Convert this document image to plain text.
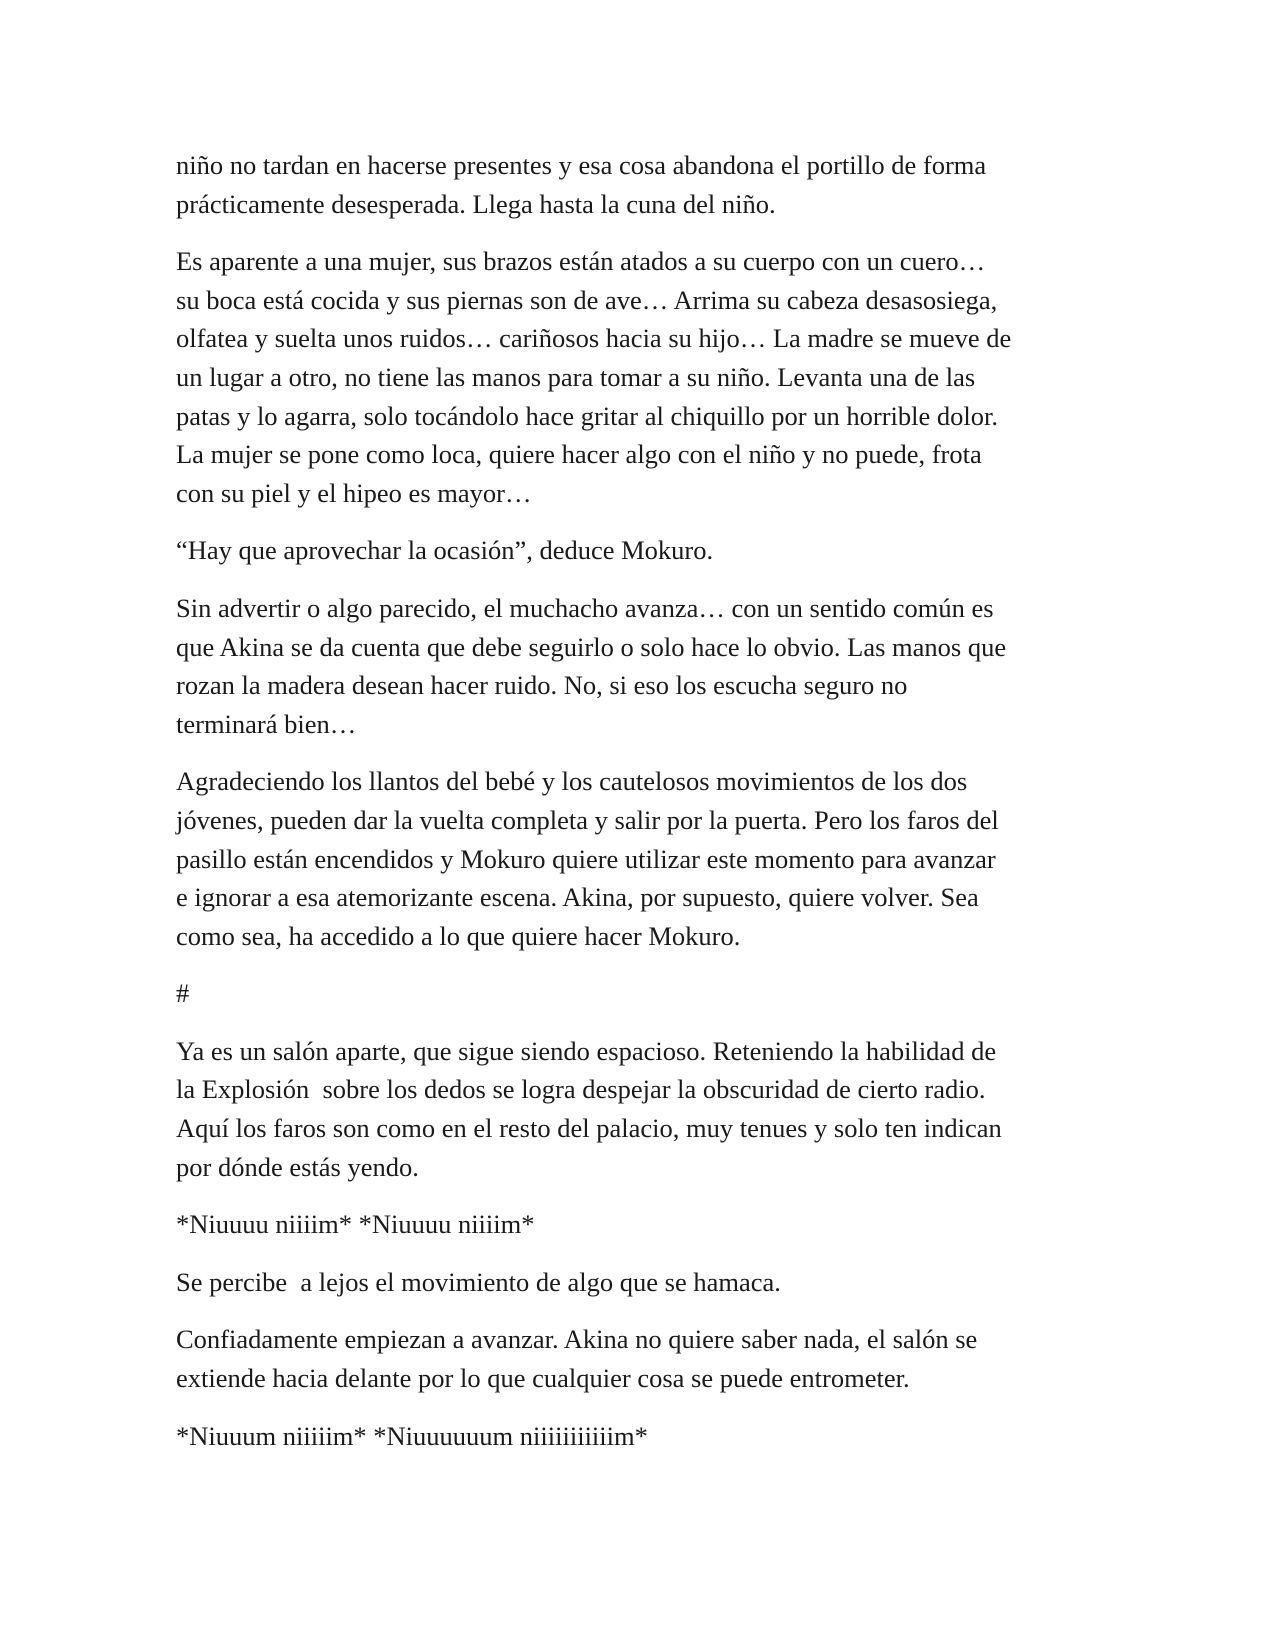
niño no tardan en hacerse presentes y esa cosa abandona el portillo de forma
prácticamente desesperada. Llega hasta la cuna del niño.

Es aparente a una mujer, sus brazos están atados a su cuerpo con un cuero…
su boca está cocida y sus piernas son de ave… Arrima su cabeza desasosiega,
olfatea y suelta unos ruidos… cariñosos hacia su hijo… La madre se mueve de
un lugar a otro, no tiene las manos para tomar a su niño. Levanta una de las
patas y lo agarra, solo tocándolo hace gritar al chiquillo por un horrible dolor.
La mujer se pone como loca, quiere hacer algo con el niño y no puede, frota
con su piel y el hipeo es mayor…

“Hay que aprovechar la ocasión”, deduce Mokuro.

Sin advertir o algo parecido, el muchacho avanza… con un sentido común es
que Akina se da cuenta que debe seguirlo o solo hace lo obvio. Las manos que
rozan la madera desean hacer ruido. No, si eso los escucha seguro no
terminará bien…

Agradeciendo los llantos del bebé y los cautelosos movimientos de los dos
jóvenes, pueden dar la vuelta completa y salir por la puerta. Pero los faros del
pasillo están encendidos y Mokuro quiere utilizar este momento para avanzar
e ignorar a esa atemorizante escena. Akina, por supuesto, quiere volver. Sea
como sea, ha accedido a lo que quiere hacer Mokuro.

#

Ya es un salón aparte, que sigue siendo espacioso. Reteniendo la habilidad de
la Explosión  sobre los dedos se logra despejar la obscuridad de cierto radio.
Aquí los faros son como en el resto del palacio, muy tenues y solo ten indican
por dónde estás yendo.

*Niuuuu niiiim* *Niuuuu niiiim*

Se percibe  a lejos el movimiento de algo que se hamaca.

Confiadamente empiezan a avanzar. Akina no quiere saber nada, el salón se
extiende hacia delante por lo que cualquier cosa se puede entrometer.

*Niuuum niiiiim* *Niuuuuuum niiiiiiiiiiim*
